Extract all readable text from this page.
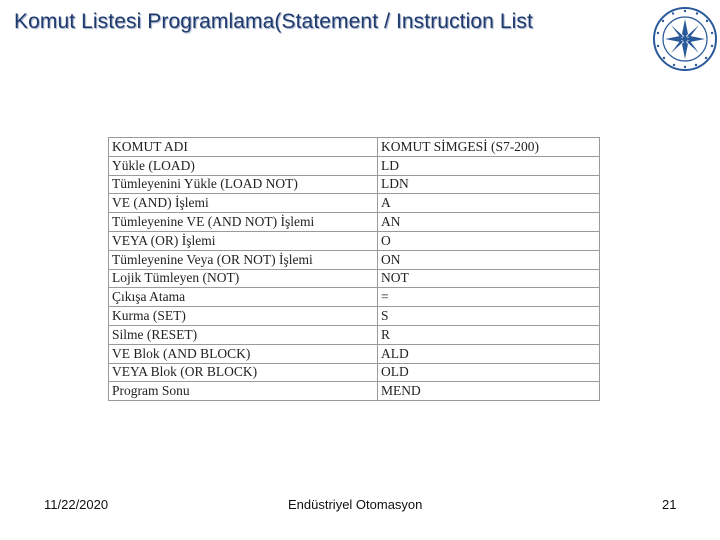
Komut Listesi Programlama(Statement / Instruction List
KOMUT ADI	KOMUT SİMGESİ (S7-200)
Yükle (LOAD)	LD
Tümleyenini Yükle (LOAD NOT)	LDN
VE (AND) İşlemi	A
Tümleyenine VE (AND NOT) İşlemi	AN
VEYA (OR) İşlemi	O
Tümleyenine Veya (OR NOT) İşlemi	ON
Lojik Tümleyen (NOT)	NOT
Çıkışa Atama	=
Kurma (SET)	S
Silme (RESET)	R
VE Blok (AND BLOCK)	ALD
VEYA Blok (OR BLOCK)	OLD
Program Sonu	MEND
11/22/2020	Endüstriyel Otomasyon	21
